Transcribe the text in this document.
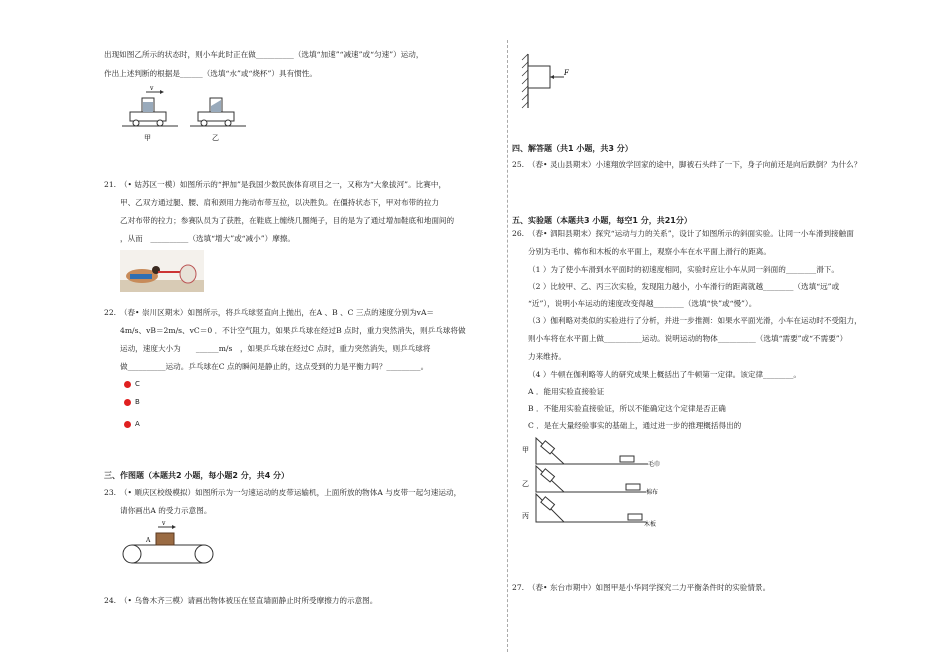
出现如图乙所示的状态时，则小车此时正在做__________（选填“加速”“减速”或“匀速”）运动，
作出上述判断的根据是______（选填“水”或“烧杯”）具有惯性。
v
甲	乙
21.　（• 姑苏区一模）如图所示的“押加”是我国少数民族体育项目之一，又称为“大象拔河”。比赛中，
甲、乙双方通过腿、腰、肩和颈用力拖动布带互拉，以决胜负。在僵持状态下，甲对布带的拉力
乙对布带的拉力；参赛队员为了获胜，在鞋底上缠绕几圈绳子，目的是为了通过增加鞋底和地面间的
，从而　__________（选填“增大”或“减小”）摩擦。
22.　（春• 崇川区期末）如图所示，将乒乓球竖直向上抛出，在A 、B 、C 三点的速度分别为vA＝
4m/s、vB＝2m/s、vC＝0 ．不计空气阻力，如果乒乓球在经过B 点时，重力突然消失，则乒乓球将做
运动，速度大小为　　______m/s　，如果乒乓球在经过C 点时，重力突然消失，则乒乓球将
做__________运动。乒乓球在C 点的瞬间是静止的，这点受到的力是平衡力吗？_________。
C
B
A
三、作图题（本题共2 小题，每小题2 分，共4 分）
23.　（• 順庆区校级模拟）如图所示为一匀速运动的皮带运输机，上面所放的物体A 与皮带一起匀速运动，
请你画出A 的受力示意图。
A
v
24.　（• 乌鲁木齐三模）请画出物体被压在竖直墙面静止时所受摩擦力的示意图。
F
四、解答题（共1 小题，共3 分）
25.　（春• 灵山县期末）小速翔放学回家的途中，脚被石头绊了一下，身子向前还是向后跌倒？为什么？
五、实验题（本题共3 小题，每空1 分，共21分）
26.　（春• 泗阳县期末）探究“运动与力的关系”，设计了如图所示的斜面实验。让同一小车滑到接触面
分别为毛巾、棉布和木板的水平面上，观察小车在水平面上滑行的距离。
（1 ）为了使小车滑到水平面时的初速度相同，实验时应让小车从同一斜面的________滑下。
（2 ）比较甲、乙、丙三次实验，发现阻力越小，小车滑行的距离就越________（选填“远”或
“近”），说明小车运动的速度改变得越________（选填“快”或“慢”）。
（3 ）伽利略对类似的实验进行了分析，并进一步推测：如果水平面光滑，小车在运动时不受阻力，
则小车将在水平面上做__________运动。说明运动的物体__________（选填“需要”或“不需要”）
力来维持。
（4 ）牛顿在伽利略等人的研究成果上概括出了牛顿第一定律。该定律________。
A ．能用实验直接验证
B ．不能用实验直接验证，所以不能确定这个定律是否正确
C ．是在大量经验事实的基础上，通过进一步的推理概括得出的
甲
毛巾
乙
棉布
丙
木板
27.　（春• 东台市期中）如图甲是小华同学探究二力平衡条件时的实验情景。
